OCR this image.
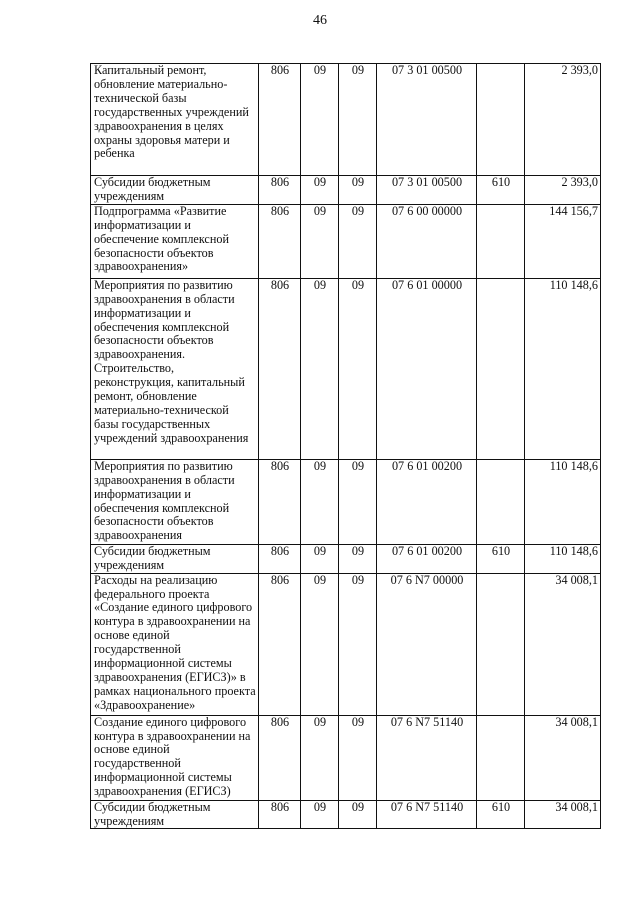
46
Капитальный ремонт, обновление материально-технической базы государственных учреждений здравоохранения в целях охраны здоровья матери и ребенка	806	09	09	07 3 01 00500		2 393,0
Субсидии бюджетным учреждениям	806	09	09	07 3 01 00500	610	2 393,0
Подпрограмма «Развитие информатизации и обеспечение комплексной безопасности объектов здравоохранения»	806	09	09	07 6 00 00000		144 156,7
Мероприятия по развитию здравоохранения в области информатизации и обеспечения комплексной безопасности объектов здравоохранения. Строительство, реконструкция, капитальный ремонт, обновление материально-технической базы государственных учреждений здравоохранения	806	09	09	07 6 01 00000		110 148,6
Мероприятия по развитию здравоохранения в области информатизации и обеспечения комплексной безопасности объектов здравоохранения	806	09	09	07 6 01 00200		110 148,6
Субсидии бюджетным учреждениям	806	09	09	07 6 01 00200	610	110 148,6
Расходы на реализацию федерального проекта «Создание единого цифрового контура в здравоохранении на основе единой государственной информационной системы здравоохранения (ЕГИСЗ)» в рамках национального проекта «Здравоохранение»	806	09	09	07 6 N7 00000		34 008,1
Создание единого цифрового контура в здравоохранении на основе единой государственной информационной системы здравоохранения (ЕГИСЗ)	806	09	09	07 6 N7 51140		34 008,1
Субсидии бюджетным учреждениям	806	09	09	07 6 N7 51140	610	34 008,1
